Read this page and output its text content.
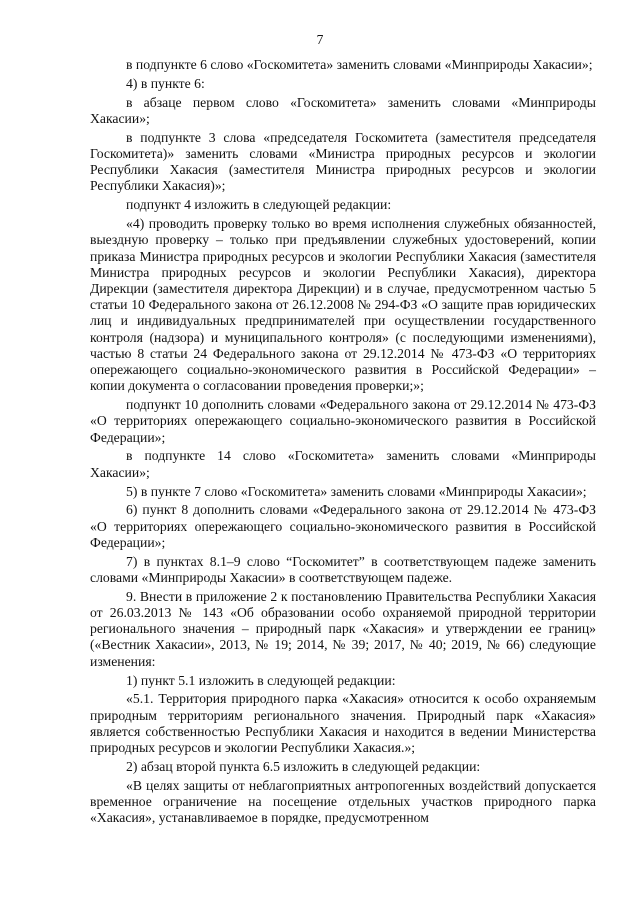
7

в подпункте 6 слово «Госкомитета» заменить словами «Минприроды Хакасии»;

4) в пункте 6:

в абзаце первом слово «Госкомитета» заменить словами «Минприроды Хакасии»;

в подпункте 3 слова «председателя Госкомитета (заместителя председателя Госкомитета)» заменить словами «Министра природных ресурсов и экологии Республики Хакасия (заместителя Министра природных ресурсов и экологии Республики Хакасия)»;

подпункт 4 изложить в следующей редакции:

«4) проводить проверку только во время исполнения служебных обязанностей, выездную проверку – только при предъявлении служебных удостоверений, копии приказа Министра природных ресурсов и экологии Республики Хакасия (заместителя Министра природных ресурсов и экологии Республики Хакасия), директора Дирекции (заместителя директора Дирекции) и в случае, предусмотренном частью 5 статьи 10 Федерального закона от 26.12.2008 № 294-ФЗ «О защите прав юридических лиц и индивидуальных предпринимателей при осуществлении государственного контроля (надзора) и муниципального контроля» (с последующими изменениями), частью 8 статьи 24 Федерального закона от 29.12.2014 № 473-ФЗ «О территориях опережающего социально-экономического развития в Российской Федерации» – копии документа о согласовании проведения проверки;»;

подпункт 10 дополнить словами «Федерального закона от 29.12.2014 № 473-ФЗ «О территориях опережающего социально-экономического развития в Российской Федерации»;

в подпункте 14 слово «Госкомитета» заменить словами «Минприроды Хакасии»;

5) в пункте 7 слово «Госкомитета» заменить словами «Минприроды Хакасии»;

6) пункт 8 дополнить словами «Федерального закона от 29.12.2014 № 473-ФЗ «О территориях опережающего социально-экономического развития в Российской Федерации»;

7) в пунктах 8.1–9 слово “Госкомитет” в соответствующем падеже заменить словами «Минприроды Хакасии» в соответствующем падеже.

9. Внести в приложение 2 к постановлению Правительства Республики Хакасия от 26.03.2013 № 143 «Об образовании особо охраняемой природной территории регионального значения – природный парк «Хакасия» и утверждении ее границ» («Вестник Хакасии», 2013, № 19; 2014, № 39; 2017, № 40; 2019, № 66) следующие изменения:

1) пункт 5.1 изложить в следующей редакции:

«5.1. Территория природного парка «Хакасия» относится к особо охраняемым природным территориям регионального значения. Природный парк «Хакасия» является собственностью Республики Хакасия и находится в ведении Министерства природных ресурсов и экологии Республики Хакасия.»;

2) абзац второй пункта 6.5 изложить в следующей редакции:

«В целях защиты от неблагоприятных антропогенных воздействий допускается временное ограничение на посещение отдельных участков природного парка «Хакасия», устанавливаемое в порядке, предусмотренном
